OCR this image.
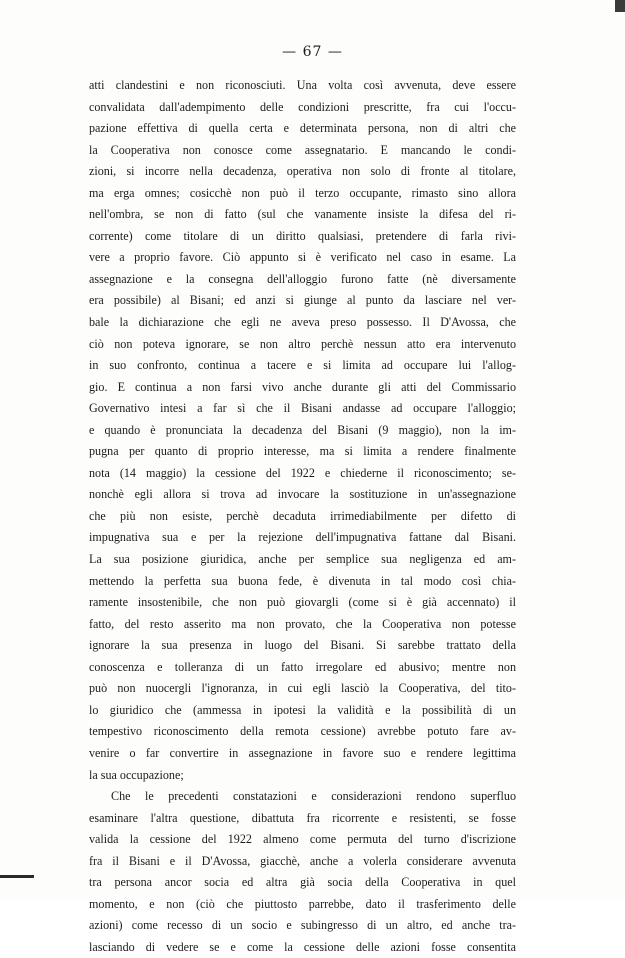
— 67 —
atti clandestini e non riconosciuti. Una volta così avvenuta, deve essere
convalidata dall'adempimento delle condizioni prescritte, fra cui l'occu-
pazione effettiva di quella certa e determinata persona, non di altri che
la Cooperativa non conosce come assegnatario. E mancando le condi-
zioni, si incorre nella decadenza, operativa non solo di fronte al titolare,
ma erga omnes; cosicchè non può il terzo occupante, rimasto sino allora
nell'ombra, se non di fatto (sul che vanamente insiste la difesa del ri-
corrente) come titolare di un diritto qualsiasi, pretendere di farla rivi-
vere a proprio favore. Ciò appunto si è verificato nel caso in esame. La
assegnazione e la consegna dell'alloggio furono fatte (nè diversamente
era possibile) al Bisani; ed anzi si giunge al punto da lasciare nel ver-
bale la dichiarazione che egli ne aveva preso possesso. Il D'Avossa, che
ciò non poteva ignorare, se non altro perchè nessun atto era intervenuto
in suo confronto, continua a tacere e si limita ad occupare lui l'allog-
gio. E continua a non farsi vivo anche durante gli atti del Commissario
Governativo intesi a far sì che il Bisani andasse ad occupare l'alloggio;
e quando è pronunciata la decadenza del Bisani (9 maggio), non la im-
pugna per quanto di proprio interesse, ma si limita a rendere finalmente
nota (14 maggio) la cessione del 1922 e chiederne il riconoscimento; se-
nonchè egli allora si trova ad invocare la sostituzione in un'assegnazione
che più non esiste, perchè decaduta irrimediabilmente per difetto di
impugnativa sua e per la rejezione dell'impugnativa fattane dal Bisani.
La sua posizione giuridica, anche per semplice sua negligenza ed am-
mettendo la perfetta sua buona fede, è divenuta in tal modo così chia-
ramente insostenibile, che non può giovargli (come si è già accennato) il
fatto, del resto asserito ma non provato, che la Cooperativa non potesse
ignorare la sua presenza in luogo del Bisani. Si sarebbe trattato della
conoscenza e tolleranza di un fatto irregolare ed abusivo; mentre non
può non nuocergli l'ignoranza, in cui egli lasciò la Cooperativa, del tito-
lo giuridico che (ammessa in ipotesi la validità e la possibilità di un
tempestivo riconoscimento della remota cessione) avrebbe potuto fare av-
venire o far convertire in assegnazione in favore suo e rendere legittima
la sua occupazione;
Che le precedenti constatazioni e considerazioni rendono superfluo
esaminare l'altra questione, dibattuta fra ricorrente e resistenti, se fosse
valida la cessione del 1922 almeno come permuta del turno d'iscrizione
fra il Bisani e il D'Avossa, giacchè, anche a volerla considerare avvenuta
tra persona ancor socia ed altra già socia della Cooperativa in quel
momento, e non (ciò che piuttosto parrebbe, dato il trasferimento delle
azioni) come recesso di un socio e subingresso di un altro, ed anche tra-
lasciando di vedere se e come la cessione delle azioni fosse consentita
